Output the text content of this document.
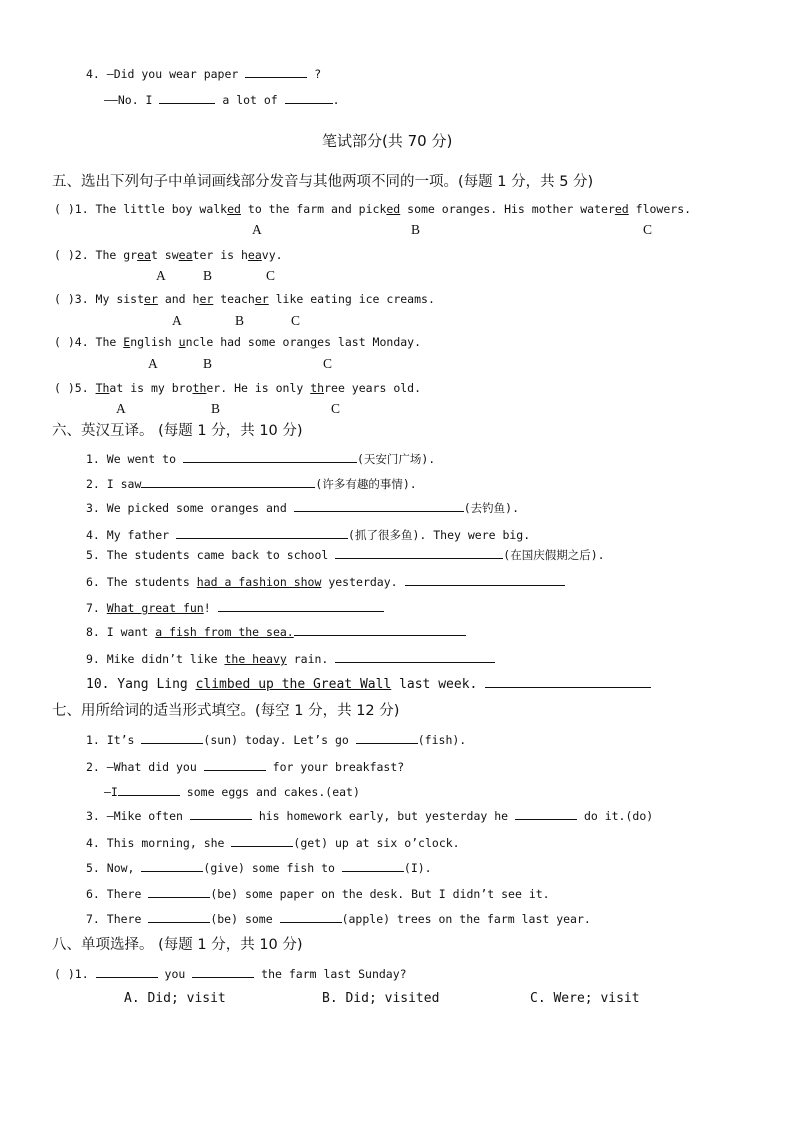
4. —Did you wear paper	?
——No. I	a lot of	.
笔试部分(共 70 分)
五、选出下列句子中单词画线部分发音与其他两项不同的一项。(每题 1 分，共 5 分)
( )1. The little boy walked to the farm and picked some oranges. His mother watered flowers.
A	B	C
( )2. The great sweater is heavy.
A	B	C
( )3. My sister and her teacher like eating ice creams.
A	B	C
( )4. The English uncle had some oranges last Monday.
A	B	C
( )5. That is my brother. He is only three years old.
A	B	C
六、英汉互译。 (每题 1 分，共 10 分)
1. We went to	(天安门广场).
2. I saw	(许多有趣的事情).
3. We picked some oranges and	(去钓鱼).
4. My father	(抓了很多鱼). They were big.
5. The students came back to school	(在国庆假期之后).
6. The students had a fashion show yesterday.
7. What great fun!
8. I want a fish from the sea.
9. Mike didn’t like the heavy rain.
10. Yang Ling climbed up the Great Wall last week.
七、用所给词的适当形式填空。(每空 1 分，共 12 分)
1. It’s	(sun) today. Let’s go	(fish).
2. —What did you	for your breakfast?
—I	some eggs and cakes.(eat)
3. —Mike often	his homework early, but yesterday he	do it.(do)
4. This morning, she	(get) up at six o’clock.
5. Now,	(give) some fish to	(I).
6. There	(be) some paper on the desk. But I didn’t see it.
7. There	(be) some	(apple) trees on the farm last year.
八、单项选择。 (每题 1 分，共 10 分)
( )1.	you	the farm last Sunday?
A. Did; visit	B. Did; visited	C. Were; visit
